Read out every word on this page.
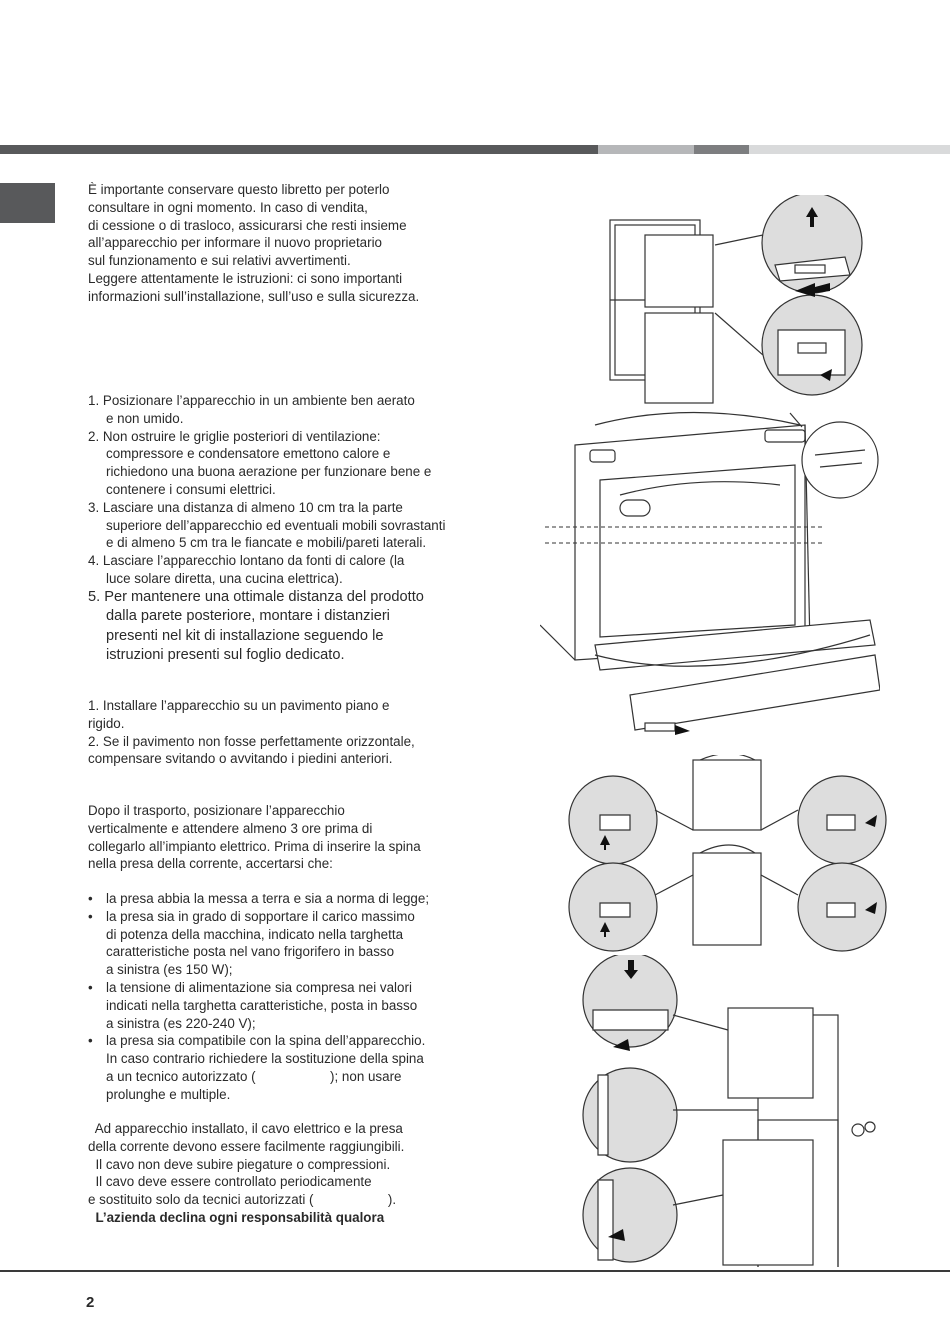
È importante conservare questo libretto per poterlo

consultare in ogni momento. In caso di vendita,

di cessione o di trasloco, assicurarsi che resti insieme

all’apparecchio per informare il nuovo proprietario

sul funzionamento e sui relativi avvertimenti.

Leggere attentamente le istruzioni: ci sono importanti

informazioni sull’installazione, sull’uso e sulla sicurezza.

1. Posizionare l’apparecchio in un ambiente ben aerato

e non umido.

2. Non ostruire le griglie posteriori di ventilazione:

compressore e condensatore emettono calore e

richiedono una buona aerazione per funzionare bene e

contenere i consumi elettrici.

3. Lasciare una distanza di almeno 10 cm tra la parte

superiore dell’apparecchio ed eventuali mobili sovrastanti

e di almeno 5 cm tra le fiancate e mobili/pareti laterali.

4. Lasciare l’apparecchio lontano da fonti di calore (la

luce solare diretta, una cucina elettrica).

5. Per mantenere una ottimale distanza del prodotto

dalla parete posteriore, montare i distanzieri

presenti nel kit di installazione seguendo le

istruzioni presenti sul foglio dedicato.

1. Installare l’apparecchio su un pavimento piano e

rigido.

2. Se il pavimento non fosse perfettamente orizzontale,

compensare svitando o avvitando i piedini anteriori.

Dopo il trasporto, posizionare l’apparecchio

verticalmente e attendere almeno 3 ore prima di

collegarlo all’impianto elettrico. Prima di inserire la spina

nella presa della corrente, accertarsi che:

• la presa abbia la messa a terra e sia a norma di legge;

• la presa sia in grado di sopportare il carico massimo

di potenza della macchina, indicato nella targhetta

caratteristiche posta nel vano frigorifero in basso

a sinistra (es 150 W);

• la tensione di alimentazione sia compresa nei valori

indicati nella targhetta caratteristiche, posta in basso

a sinistra (es 220-240 V);

• la presa sia compatibile con la spina dell’apparecchio.

In caso contrario richiedere la sostituzione della spina

a un tecnico autorizzato (                    ); non usare

prolunghe e multiple.

Ad apparecchio installato, il cavo elettrico e la presa

della corrente devono essere facilmente raggiungibili.

Il cavo non deve subire piegature o compressioni.

Il cavo deve essere controllato periodicamente

e sostituito solo da tecnici autorizzati (                    ).

L’azienda declina ogni responsabilità qualora

2
